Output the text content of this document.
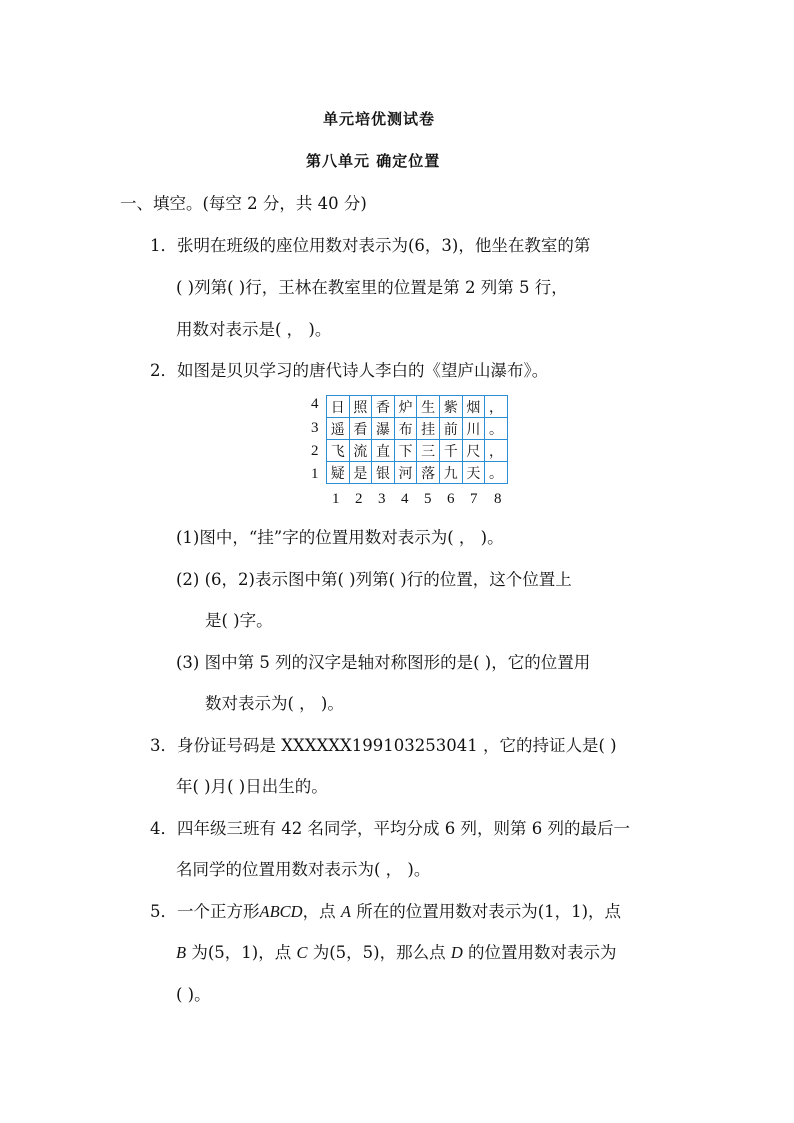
单元培优测试卷
第八单元 确定位置
一、填空。(每空 2 分，共 40 分)
1．张明在班级的座位用数对表示为(6，3)，他坐在教室的第
( )列第( )行，王林在教室里的位置是第 2 列第 5 行，
用数对表示是( ， )。
2．如图是贝贝学习的唐代诗人李白的《望庐山瀑布》。
4
3
2
1
日	照	香	炉	生	紫	烟	，
遥	看	瀑	布	挂	前	川	。
飞	流	直	下	三	千	尺	，
疑	是	银	河	落	九	天	。
1 2 3 4 5 6 7 8
(1)图中，“挂”字的位置用数对表示为( ， )。
(2) (6，2)表示图中第( )列第( )行的位置，这个位置上
是( )字。
(3) 图中第 5 列的汉字是轴对称图形的是( )，它的位置用
数对表示为( ， )。
3．身份证号码是 XXXXXX199103253041 ，它的持证人是( )
年( )月( )日出生的。
4．四年级三班有 42 名同学，平均分成 6 列，则第 6 列的最后一
名同学的位置用数对表示为( ， )。
5．一个正方形ABCD，点 A 所在的位置用数对表示为(1，1)，点
B 为(5，1)，点 C 为(5，5)，那么点 D 的位置用数对表示为
( )。
